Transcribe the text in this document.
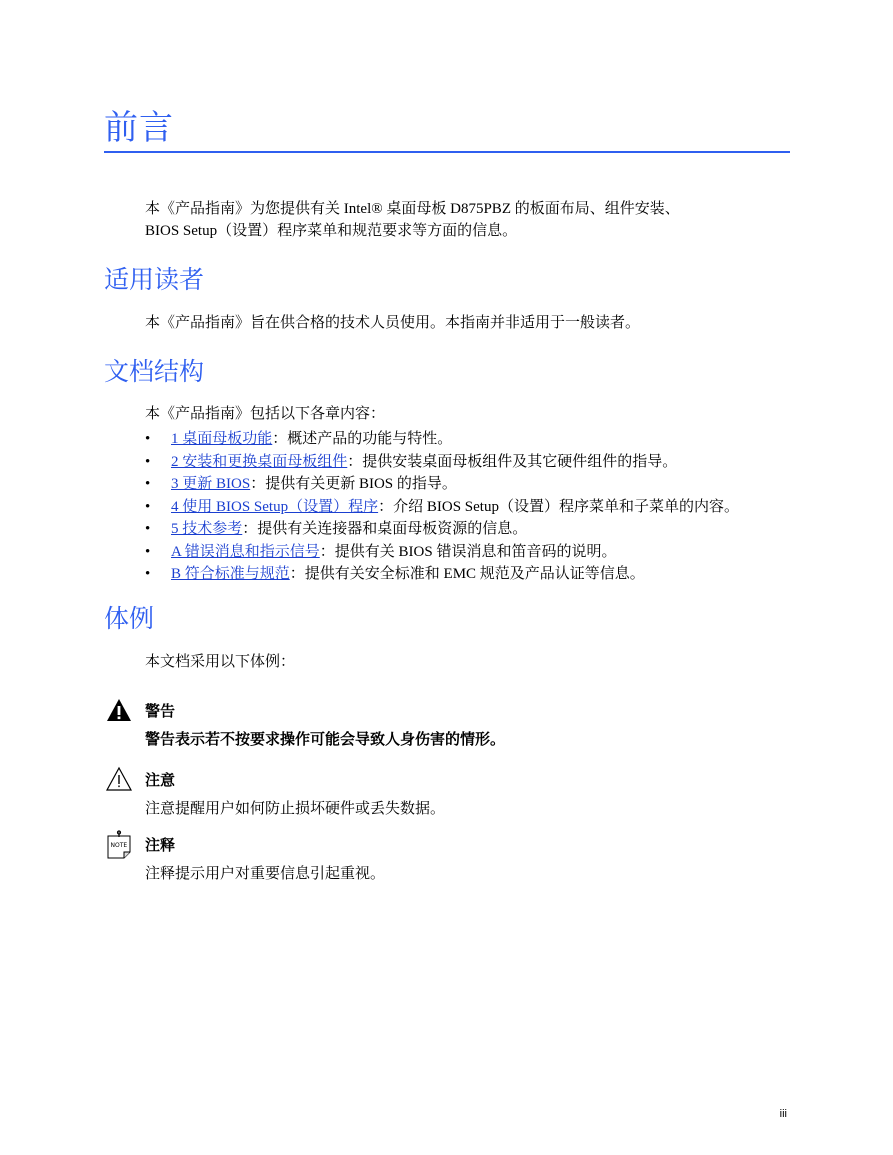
前言

本《产品指南》为您提供有关 Intel® 桌面母板 D875PBZ 的板面布局、组件安装、

BIOS Setup（设置）程序菜单和规范要求等方面的信息。

适用读者

本《产品指南》旨在供合格的技术人员使用。本指南并非适用于一般读者。

文档结构

本《产品指南》包括以下各章内容：

• 1 桌面母板功能：概述产品的功能与特性。
• 2 安装和更换桌面母板组件：提供安装桌面母板组件及其它硬件组件的指导。
• 3 更新 BIOS：提供有关更新 BIOS 的指导。
• 4 使用 BIOS Setup（设置）程序：介绍 BIOS Setup（设置）程序菜单和子菜单的内容。
• 5 技术参考：提供有关连接器和桌面母板资源的信息。
• A 错误消息和指示信号：提供有关 BIOS 错误消息和笛音码的说明。
• B 符合标准与规范：提供有关安全标准和 EMC 规范及产品认证等信息。
体例

本文档采用以下体例：

警告
警告表示若不按要求操作可能会导致人身伤害的情形。
注意
注意提醒用户如何防止损坏硬件或丢失数据。
NOTE 注释
注释提示用户对重要信息引起重视。
iii
